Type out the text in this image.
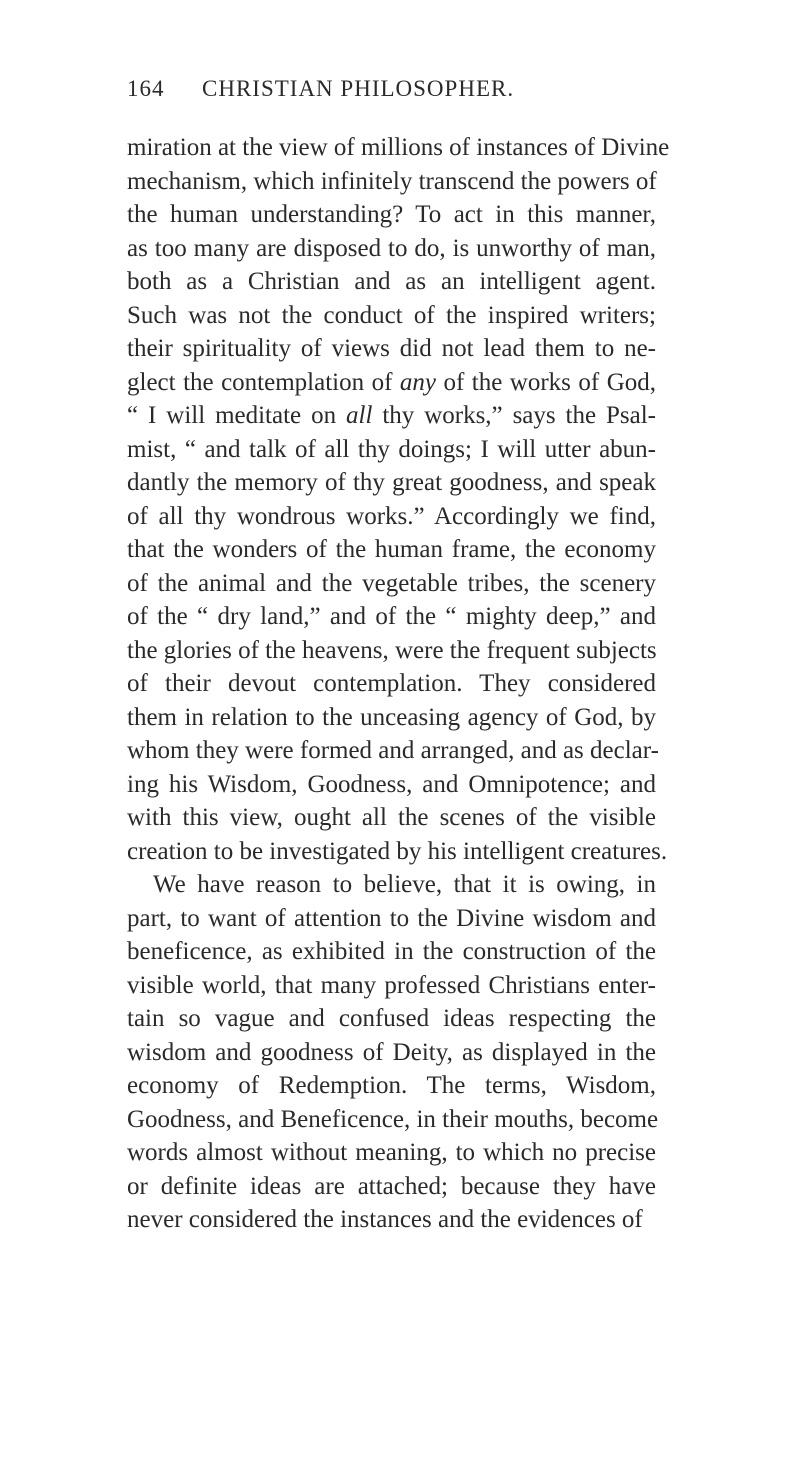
164 CHRISTIAN PHILOSOPHER.
miration at the view of millions of instances of Divine
mechanism, which infinitely transcend the powers of
the human understanding? To act in this manner,
as too many are disposed to do, is unworthy of man,
both as a Christian and as an intelligent agent.
Such was not the conduct of the inspired writers;
their spirituality of views did not lead them to ne-
glect the contemplation of any of the works of God,
“ I will meditate on all thy works,” says the Psal-
mist, “ and talk of all thy doings; I will utter abun-
dantly the memory of thy great goodness, and speak
of all thy wondrous works.” Accordingly we find,
that the wonders of the human frame, the economy
of the animal and the vegetable tribes, the scenery
of the “ dry land,” and of the “ mighty deep,” and
the glories of the heavens, were the frequent subjects
of their devout contemplation. They considered
them in relation to the unceasing agency of God, by
whom they were formed and arranged, and as declar-
ing his Wisdom, Goodness, and Omnipotence; and
with this view, ought all the scenes of the visible
creation to be investigated by his intelligent creatures.
We have reason to believe, that it is owing, in
part, to want of attention to the Divine wisdom and
beneficence, as exhibited in the construction of the
visible world, that many professed Christians enter-
tain so vague and confused ideas respecting the
wisdom and goodness of Deity, as displayed in the
economy of Redemption. The terms, Wisdom,
Goodness, and Beneficence, in their mouths, become
words almost without meaning, to which no precise
or definite ideas are attached; because they have
never considered the instances and the evidences of
